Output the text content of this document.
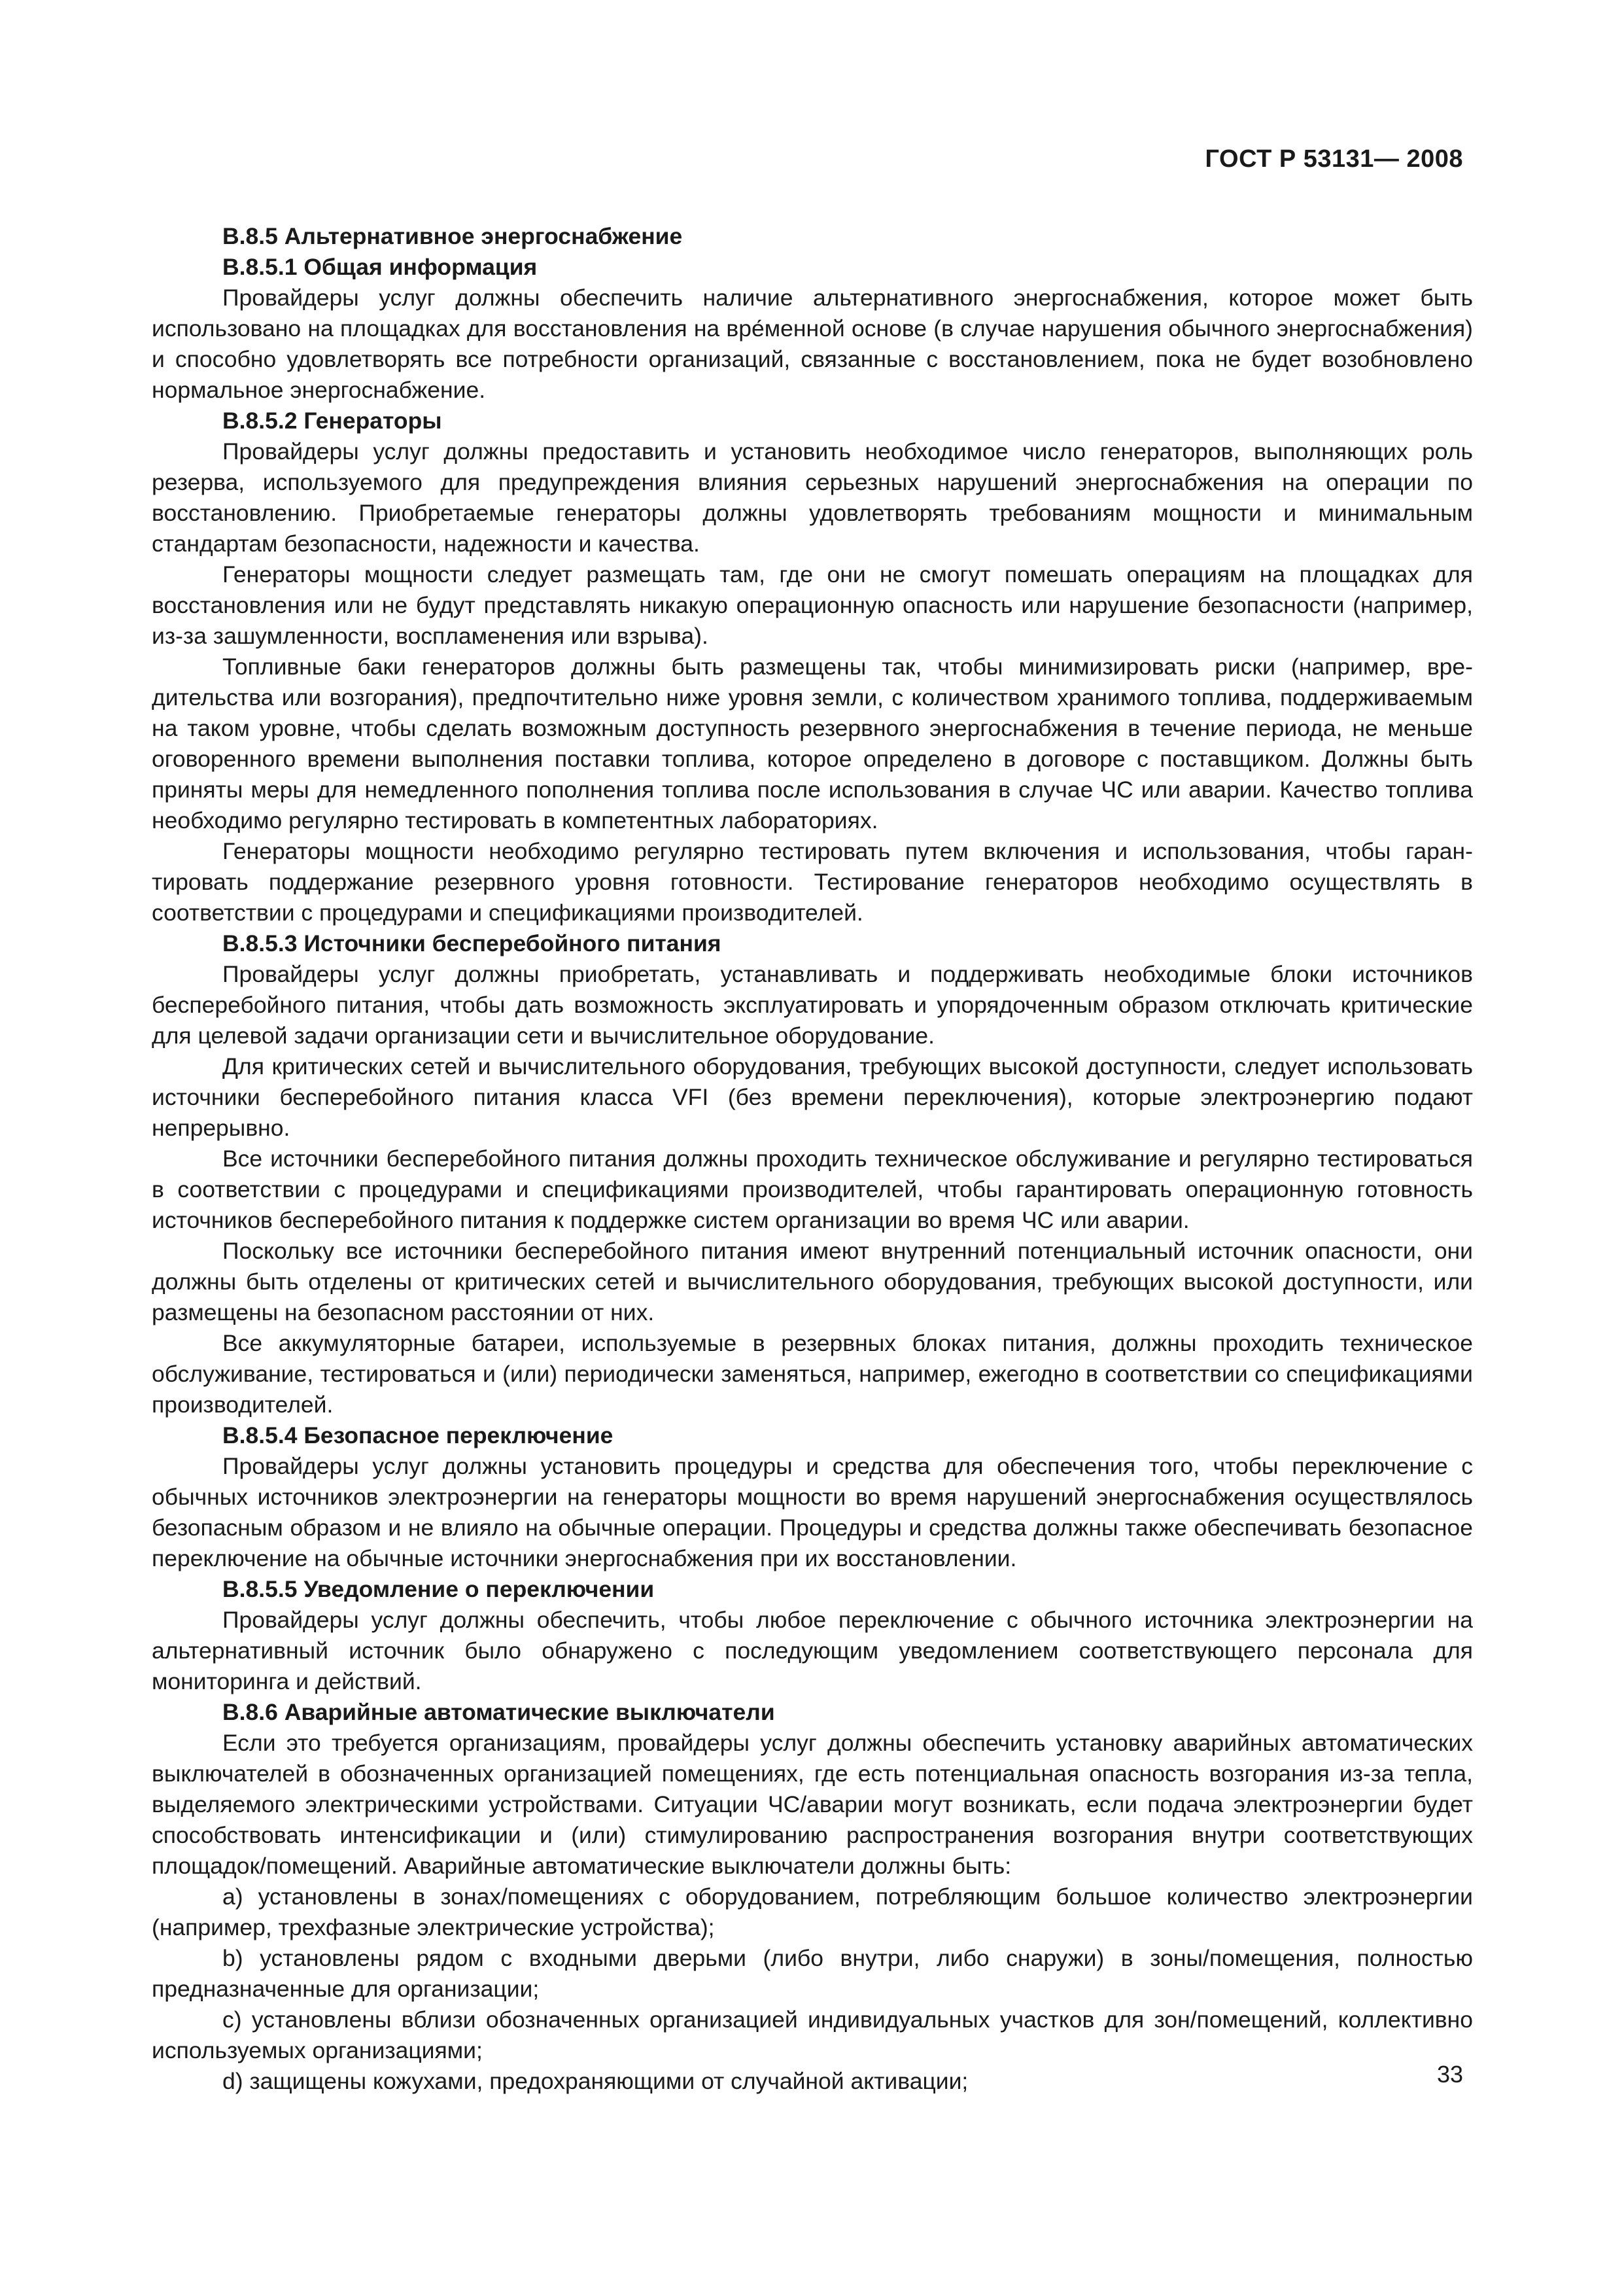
ГОСТ Р 53131— 2008

В.8.5 Альтернативное энергоснабжение

В.8.5.1 Общая информация

Провайдеры услуг должны обеспечить наличие альтернативного энергоснабжения, которое может быть использовано на площадках для восстановления на вре́менной основе (в случае нарушения обычного энергоснабжения) и способно удовлетворять все потребности организаций, связанные с восстановлением, пока не будет возобновлено нормальное энергоснабжение.

В.8.5.2 Генераторы

Провайдеры услуг должны предоставить и установить необходимое число генераторов, выполняющих роль резерва, используемого для предупреждения влияния серьезных нарушений энергоснабжения на операции по восстановлению. Приобретаемые генераторы должны удовлетворять требованиям мощности и минимальным стандартам безопасности, надежности и качества.

Генераторы мощности следует размещать там, где они не смогут помешать операциям на площадках для восстановления или не будут представлять никакую операционную опасность или нарушение безопасности (например, из-за зашумленности, воспламенения или взрыва).

Топливные баки генераторов должны быть размещены так, чтобы минимизировать риски (например, вредительства или возгорания), предпочтительно ниже уровня земли, с количеством хранимого топлива, поддерживаемым на таком уровне, чтобы сделать возможным доступность резервного энергоснабжения в течение периода, не меньше оговоренного времени выполнения поставки топлива, которое определено в договоре с поставщиком. Должны быть приняты меры для немедленного пополнения топлива после использования в случае ЧС или аварии. Качество топлива необходимо регулярно тестировать в компетентных лабораториях.

Генераторы мощности необходимо регулярно тестировать путем включения и использования, чтобы гарантировать поддержание резервного уровня готовности. Тестирование генераторов необходимо осуществлять в соответствии с процедурами и спецификациями производителей.

В.8.5.3 Источники бесперебойного питания

Провайдеры услуг должны приобретать, устанавливать и поддерживать необходимые блоки источников бесперебойного питания, чтобы дать возможность эксплуатировать и упорядоченным образом отключать критические для целевой задачи организации сети и вычислительное оборудование.

Для критических сетей и вычислительного оборудования, требующих высокой доступности, следует использовать источники бесперебойного питания класса VFI (без времени переключения), которые электроэнергию подают непрерывно.

Все источники бесперебойного питания должны проходить техническое обслуживание и регулярно тестироваться в соответствии с процедурами и спецификациями производителей, чтобы гарантировать операционную готовность источников бесперебойного питания к поддержке систем организации во время ЧС или аварии.

Поскольку все источники бесперебойного питания имеют внутренний потенциальный источник опасности, они должны быть отделены от критических сетей и вычислительного оборудования, требующих высокой доступности, или размещены на безопасном расстоянии от них.

Все аккумуляторные батареи, используемые в резервных блоках питания, должны проходить техническое обслуживание, тестироваться и (или) периодически заменяться, например, ежегодно в соответствии со спецификациями производителей.

В.8.5.4 Безопасное переключение

Провайдеры услуг должны установить процедуры и средства для обеспечения того, чтобы переключение с обычных источников электроэнергии на генераторы мощности во время нарушений энергоснабжения осуществлялось безопасным образом и не влияло на обычные операции. Процедуры и средства должны также обеспечивать безопасное переключение на обычные источники энергоснабжения при их восстановлении.

В.8.5.5 Уведомление о переключении

Провайдеры услуг должны обеспечить, чтобы любое переключение с обычного источника электроэнергии на альтернативный источник было обнаружено с последующим уведомлением соответствующего персонала для мониторинга и действий.

В.8.6 Аварийные автоматические выключатели

Если это требуется организациям, провайдеры услуг должны обеспечить установку аварийных автоматических выключателей в обозначенных организацией помещениях, где есть потенциальная опасность возгорания из-за тепла, выделяемого электрическими устройствами. Ситуации ЧС/аварии могут возникать, если подача электроэнергии будет способствовать интенсификации и (или) стимулированию распространения возгорания внутри соответствующих площадок/помещений. Аварийные автоматические выключатели должны быть:

a) установлены в зонах/помещениях с оборудованием, потребляющим большое количество электроэнергии (например, трехфазные электрические устройства);

b) установлены рядом с входными дверьми (либо внутри, либо снаружи) в зоны/помещения, полностью предназначенные для организации;

c) установлены вблизи обозначенных организацией индивидуальных участков для зон/помещений, коллективно используемых организациями;

d) защищены кожухами, предохраняющими от случайной активации;	33
